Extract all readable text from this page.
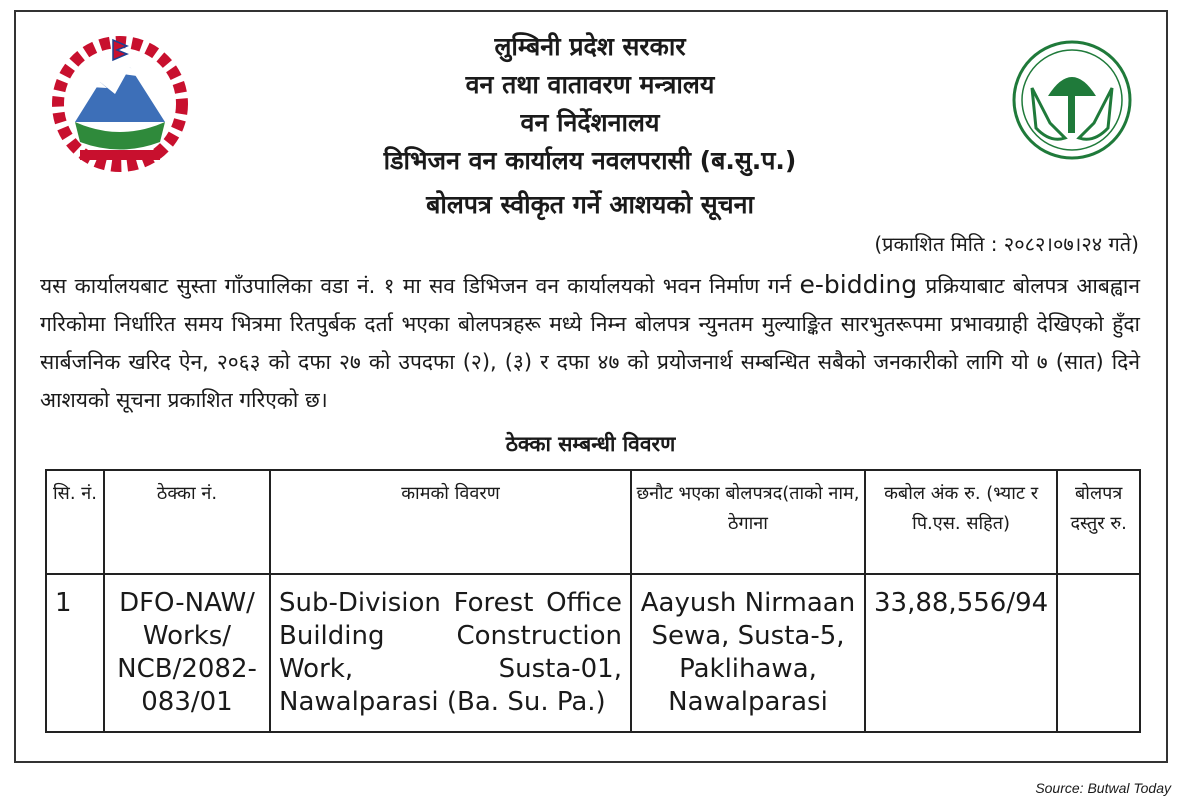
लुम्बिनी प्रदेश सरकार
वन तथा वातावरण मन्त्रालय
वन निर्देशनालय
डिभिजन वन कार्यालय नवलपरासी (ब.सु.प.)
बोलपत्र स्वीकृत गर्ने आशयको सूचना
(प्रकाशित मिति : २०८२।०७।२४ गते)
यस कार्यालयबाट सुस्ता गाँउपालिका वडा नं. १ मा सव डिभिजन वन कार्यालयको भवन निर्माण गर्न e-bidding प्रक्रियाबाट बोलपत्र आबह्वान गरिकोमा निर्धारित समय भित्रमा रितपुर्बक दर्ता भएका बोलपत्रहरू मध्ये निम्न बोलपत्र न्युनतम मुल्याङ्कित सारभुतरूपमा प्रभावग्राही देखिएको हुँदा सार्बजनिक खरिद ऐन, २०६३ को दफा २७ को उपदफा (२), (३) र दफा ४७ को प्रयोजनार्थ सम्बन्धित सबैको जनकारीको लागि यो ७ (सात) दिने आशयको सूचना प्रकाशित गरिएको छ।
ठेक्का सम्बन्धी विवरण
सि. नं.	ठेक्का नं.	कामको विवरण	छनौट भएका बोलपत्रद(ताको नाम, ठेगाना	कबोल अंक रु. (भ्याट र पि.एस. सहित)	बोलपत्र दस्तुर रु.
1	DFO-NAW/ Works/ NCB/2082- 083/01	Sub-Division Forest Office Building Construction Work, Susta-01, Nawalparasi (Ba. Su. Pa.)	Aayush Nirmaan Sewa, Susta-5, Paklihawa, Nawalparasi	33,88,556/94	
Source: Butwal Today
